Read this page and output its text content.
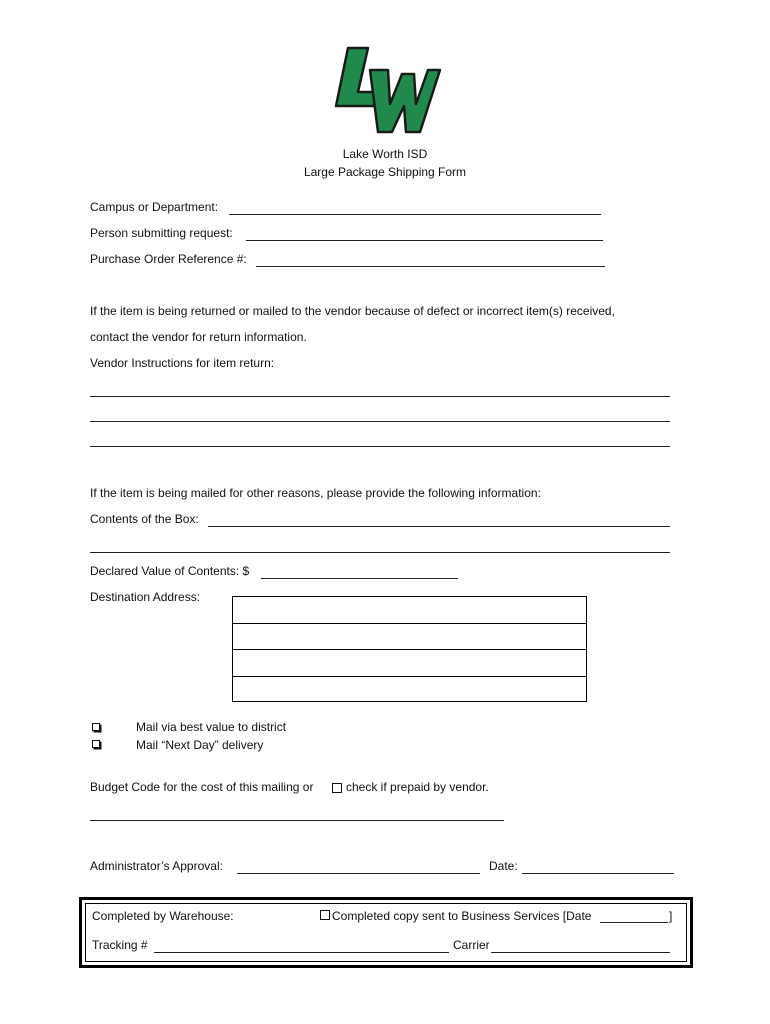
LW
Lake Worth ISD
Large Package Shipping Form
Campus or Department:
Person submitting request:
Purchase Order Reference #:
If the item is being returned or mailed to the vendor because of defect or incorrect item(s) received,
contact the vendor for return information.
Vendor Instructions for item return:
If the item is being mailed for other reasons, please provide the following information:
Contents of the Box:
Declared Value of Contents: $
Destination Address:
Mail via best value to district
Mail “Next Day” delivery
Budget Code for the cost of this mailing or	check if prepaid by vendor.
Administrator’s Approval:	Date:
Completed by Warehouse:	Completed copy sent to Business Services [Date	]
Tracking #	Carrier
